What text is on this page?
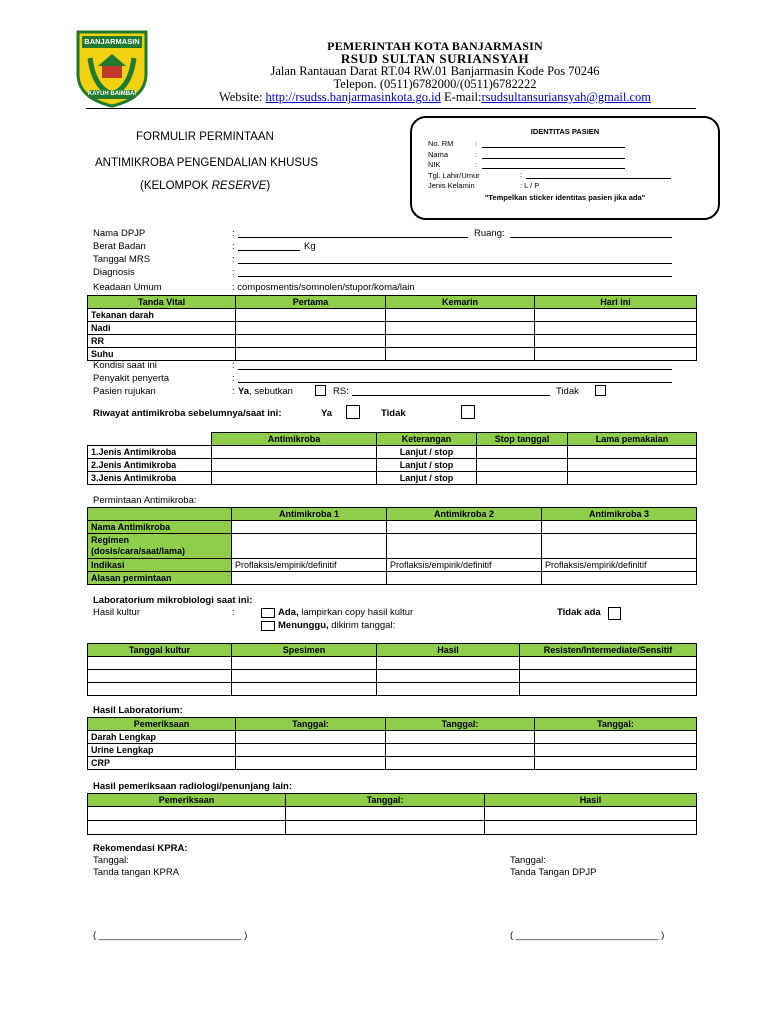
BANJARMASIN
KAYUH BAIMBAI
PEMERINTAH KOTA BANJARMASIN
RSUD SULTAN SURIANSYAH
Jalan Rantauan Darat RT.04 RW.01 Banjarmasin Kode Pos 70246
Telepon. (0511)6782000/(0511)6782222
Website: http://rsudss.banjarmasinkota.go.id E-mail:rsudsultansuriansyah@gmail.com
FORMULIR PERMINTAAN
ANTIMIKROBA PENGENDALIAN KHUSUS
(KELOMPOK RESERVE)
IDENTITAS PASIEN
No. RM
Nama
NIK
Tgl. Lahir/Umur
Jenis Kelamin
:
:
:
:
: L / P
"Tempelkan sticker identitas pasien jika ada"
Nama DPJP	:	Ruang:
Berat Badan	:	Kg
Tanggal MRS	:
Diagnosis	:
Keadaan Umum	: composmentis/somnolen/stupor/koma/lain
Tanda Vital	Pertama	Kemarin	Hari ini
Tekanan darah			
Nadi			
RR			
Suhu			
Kondisi saat ini	:
Penyakit penyerta	:
Pasien rujukan	: Ya, sebutkan	RS:	Tidak
Riwayat antimikroba sebelumnya/saat ini:	Ya	Tidak
	Antimikroba	Keterangan	Stop tanggal	Lama pemakaian
1.Jenis Antimikroba		Lanjut / stop		
2.Jenis Antimikroba		Lanjut / stop		
3.Jenis Antimikroba		Lanjut / stop		
Permintaan Antimikroba:
	Antimikroba 1	Antimikroba 2	Antimikroba 3
Nama Antimikroba			

Regimen
(dosis/cara/saat/lama)			

Indikasi	Proflaksis/empirik/definitif	Proflaksis/empirik/definitif	Proflaksis/empirik/definitif
Alasan permintaan			
Laboratorium mikrobiologi saat ini:
Hasil kultur	:	Ada, lampirkan copy hasil kultur	Tidak ada
Menunggu, dikirim tanggal:
Tanggal kultur	Spesimen	Hasil	Resisten/Intermediate/Sensitif

Hasil Laboratorium:
Pemeriksaan	Tanggal:	Tanggal:	Tanggal:
Darah Lengkap			
Urine Lengkap			
CRP			
Hasil pemeriksaan radiologi/penunjang lain:
Pemeriksaan	Tanggal:	Hasil

Rekomendasi KPRA:
Tanggal:
Tanda tangan KPRA
Tanggal:
Tanda Tangan DPJP
( ___________________________ )	( ___________________________ )
